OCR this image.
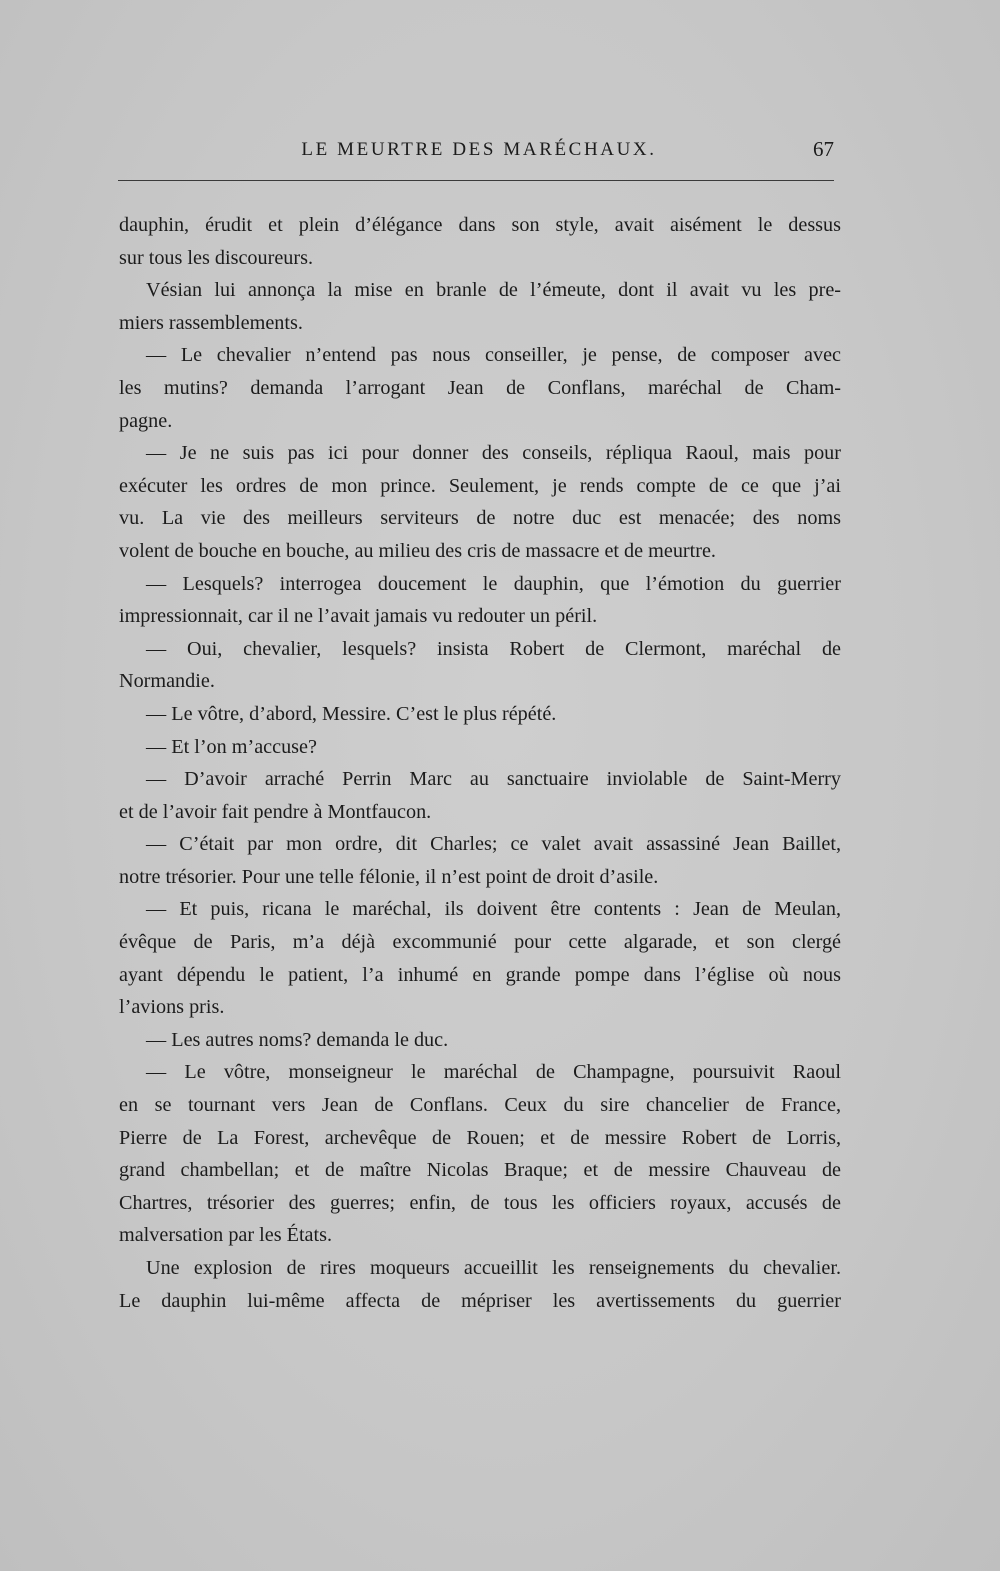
LE MEURTRE DES MARÉCHAUX.	67
dauphin, érudit et plein d’élégance dans son style, avait aisément le dessus
sur tous les discoureurs.
Vésian lui annonça la mise en branle de l’émeute, dont il avait vu les pre-
miers rassemblements.
— Le chevalier n’entend pas nous conseiller, je pense, de composer avec
les mutins? demanda l’arrogant Jean de Conflans, maréchal de Cham-
pagne.
— Je ne suis pas ici pour donner des conseils, répliqua Raoul, mais pour
exécuter les ordres de mon prince. Seulement, je rends compte de ce que j’ai
vu. La vie des meilleurs serviteurs de notre duc est menacée; des noms
volent de bouche en bouche, au milieu des cris de massacre et de meurtre.
— Lesquels? interrogea doucement le dauphin, que l’émotion du guerrier
impressionnait, car il ne l’avait jamais vu redouter un péril.
— Oui, chevalier, lesquels? insista Robert de Clermont, maréchal de
Normandie.
— Le vôtre, d’abord, Messire. C’est le plus répété.
— Et l’on m’accuse?
— D’avoir arraché Perrin Marc au sanctuaire inviolable de Saint-Merry
et de l’avoir fait pendre à Montfaucon.
— C’était par mon ordre, dit Charles; ce valet avait assassiné Jean Baillet,
notre trésorier. Pour une telle félonie, il n’est point de droit d’asile.
— Et puis, ricana le maréchal, ils doivent être contents : Jean de Meulan,
évêque de Paris, m’a déjà excommunié pour cette algarade, et son clergé
ayant dépendu le patient, l’a inhumé en grande pompe dans l’église où nous
l’avions pris.
— Les autres noms? demanda le duc.
— Le vôtre, monseigneur le maréchal de Champagne, poursuivit Raoul
en se tournant vers Jean de Conflans. Ceux du sire chancelier de France,
Pierre de La Forest, archevêque de Rouen; et de messire Robert de Lorris,
grand chambellan; et de maître Nicolas Braque; et de messire Chauveau de
Chartres, trésorier des guerres; enfin, de tous les officiers royaux, accusés de
malversation par les États.
Une explosion de rires moqueurs accueillit les renseignements du chevalier.
Le dauphin lui-même affecta de mépriser les avertissements du guerrier
